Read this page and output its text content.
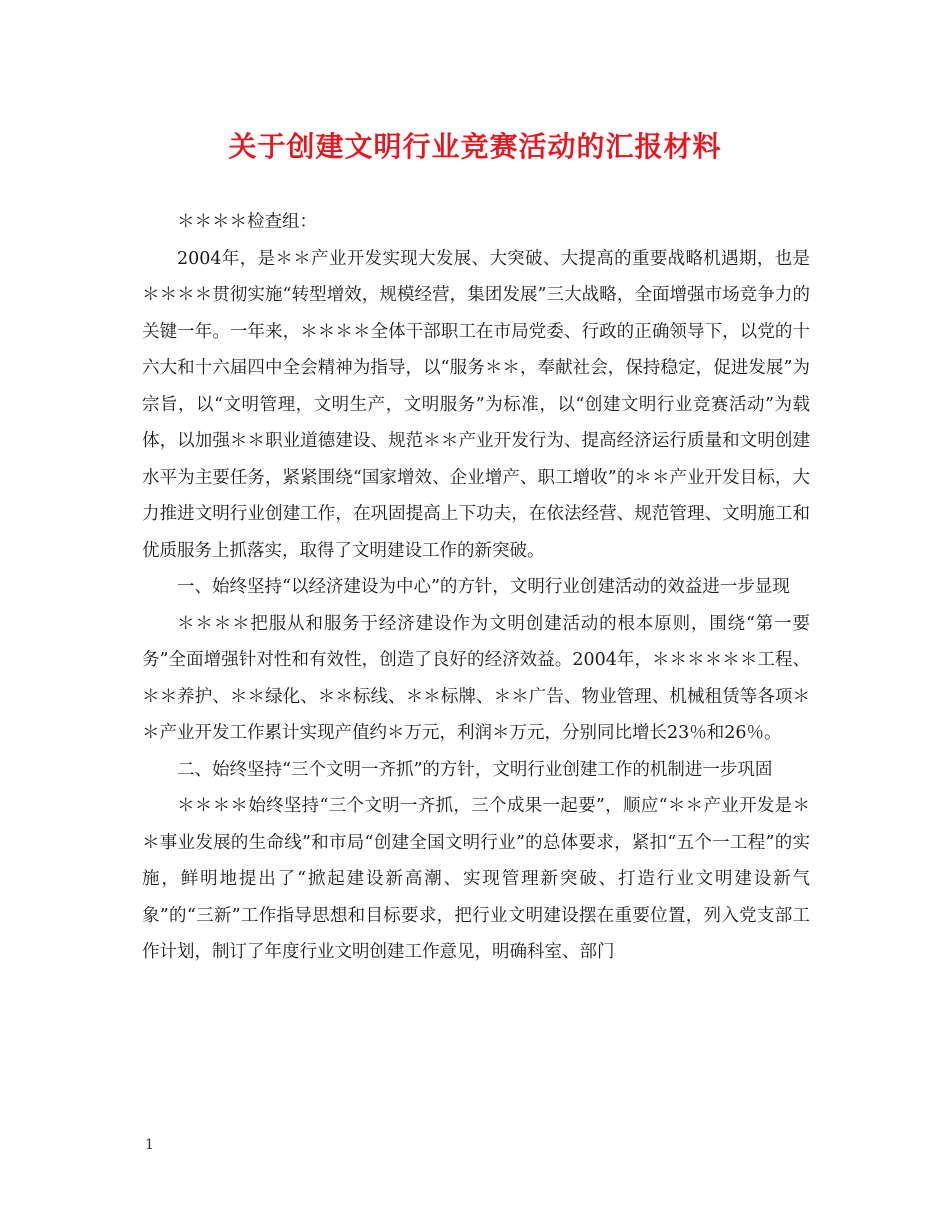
关于创建文明行业竞赛活动的汇报材料

＊＊＊＊检查组：

2004年，是＊＊产业开发实现大发展、大突破、大提高的重要战略机遇期，也是＊＊＊＊贯彻实施“转型增效，规模经营，集团发展”三大战略，全面增强市场竞争力的关键一年。一年来，＊＊＊＊全体干部职工在市局党委、行政的正确领导下，以党的十六大和十六届四中全会精神为指导，以“服务＊＊，奉献社会，保持稳定，促进发展”为宗旨，以“文明管理，文明生产，文明服务”为标准，以“创建文明行业竞赛活动”为载体，以加强＊＊职业道德建设、规范＊＊产业开发行为、提高经济运行质量和文明创建水平为主要任务，紧紧围绕“国家增效、企业增产、职工增收”的＊＊产业开发目标，大力推进文明行业创建工作，在巩固提高上下功夫，在依法经营、规范管理、文明施工和优质服务上抓落实，取得了文明建设工作的新突破。

一、始终坚持“以经济建设为中心”的方针，文明行业创建活动的效益进一步显现

＊＊＊＊把服从和服务于经济建设作为文明创建活动的根本原则，围绕“第一要务”全面增强针对性和有效性，创造了良好的经济效益。2004年，＊＊＊＊＊＊工程、＊＊养护、＊＊绿化、＊＊标线、＊＊标牌、＊＊广告、物业管理、机械租赁等各项＊＊产业开发工作累计实现产值约＊万元，利润＊万元，分别同比增长23％和26％。

二、始终坚持“三个文明一齐抓”的方针，文明行业创建工作的机制进一步巩固

＊＊＊＊始终坚持“三个文明一齐抓，三个成果一起要”，顺应“＊＊产业开发是＊＊事业发展的生命线”和市局“创建全国文明行业”的总体要求，紧扣“五个一工程”的实施，鲜明地提出了“掀起建设新高潮、实现管理新突破、打造行业文明建设新气象”的“三新”工作指导思想和目标要求，把行业文明建设摆在重要位置，列入党支部工作计划，制订了年度行业文明创建工作意见，明确科室、部门

1
